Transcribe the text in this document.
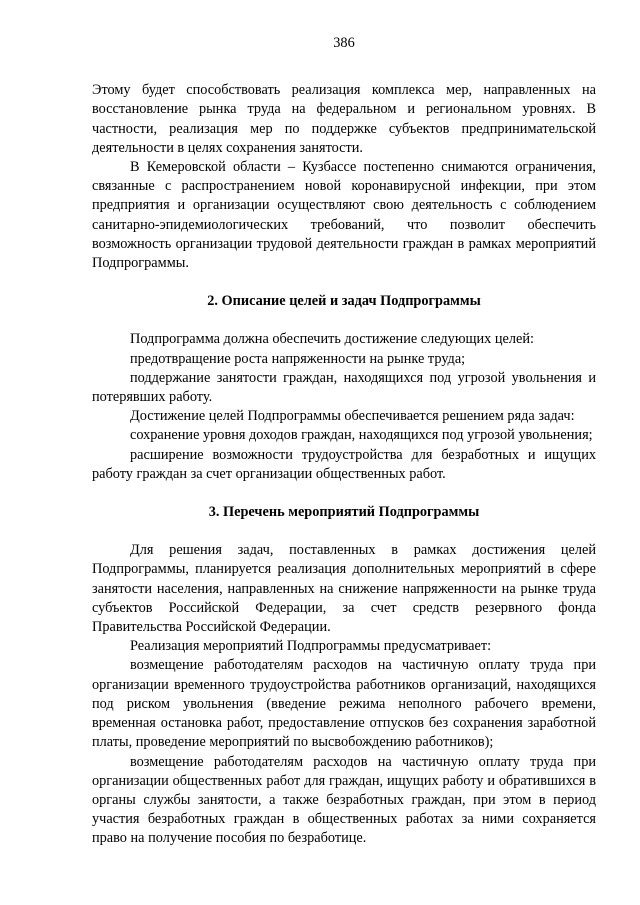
386

Этому будет способствовать реализация комплекса мер, направленных на восстановление рынка труда на федеральном и региональном уровнях. В частности, реализация мер по поддержке субъектов предпринимательской деятельности в целях сохранения занятости.

В Кемеровской области – Кузбассе постепенно снимаются ограничения, связанные с распространением новой коронавирусной инфекции, при этом предприятия и организации осуществляют свою деятельность с соблюдением санитарно-эпидемиологических требований, что позволит обеспечить возможность организации трудовой деятельности граждан в рамках мероприятий Подпрограммы.

2. Описание целей и задач Подпрограммы

Подпрограмма должна обеспечить достижение следующих целей:

предотвращение роста напряженности на рынке труда;

поддержание занятости граждан, находящихся под угрозой увольнения и потерявших работу.

Достижение целей Подпрограммы обеспечивается решением ряда задач:

сохранение уровня доходов граждан, находящихся под угрозой увольнения;

расширение возможности трудоустройства для безработных и ищущих работу граждан за счет организации общественных работ.

3. Перечень мероприятий Подпрограммы

Для решения задач, поставленных в рамках достижения целей Подпрограммы, планируется реализация дополнительных мероприятий в сфере занятости населения, направленных на снижение напряженности на рынке труда субъектов Российской Федерации, за счет средств резервного фонда Правительства Российской Федерации.

Реализация мероприятий Подпрограммы предусматривает:

возмещение работодателям расходов на частичную оплату труда при организации временного трудоустройства работников организаций, находящихся под риском увольнения (введение режима неполного рабочего времени, временная остановка работ, предоставление отпусков без сохранения заработной платы, проведение мероприятий по высвобождению работников);

возмещение работодателям расходов на частичную оплату труда при организации общественных работ для граждан, ищущих работу и обратившихся в органы службы занятости, а также безработных граждан, при этом в период участия безработных граждан в общественных работах за ними сохраняется право на получение пособия по безработице.
